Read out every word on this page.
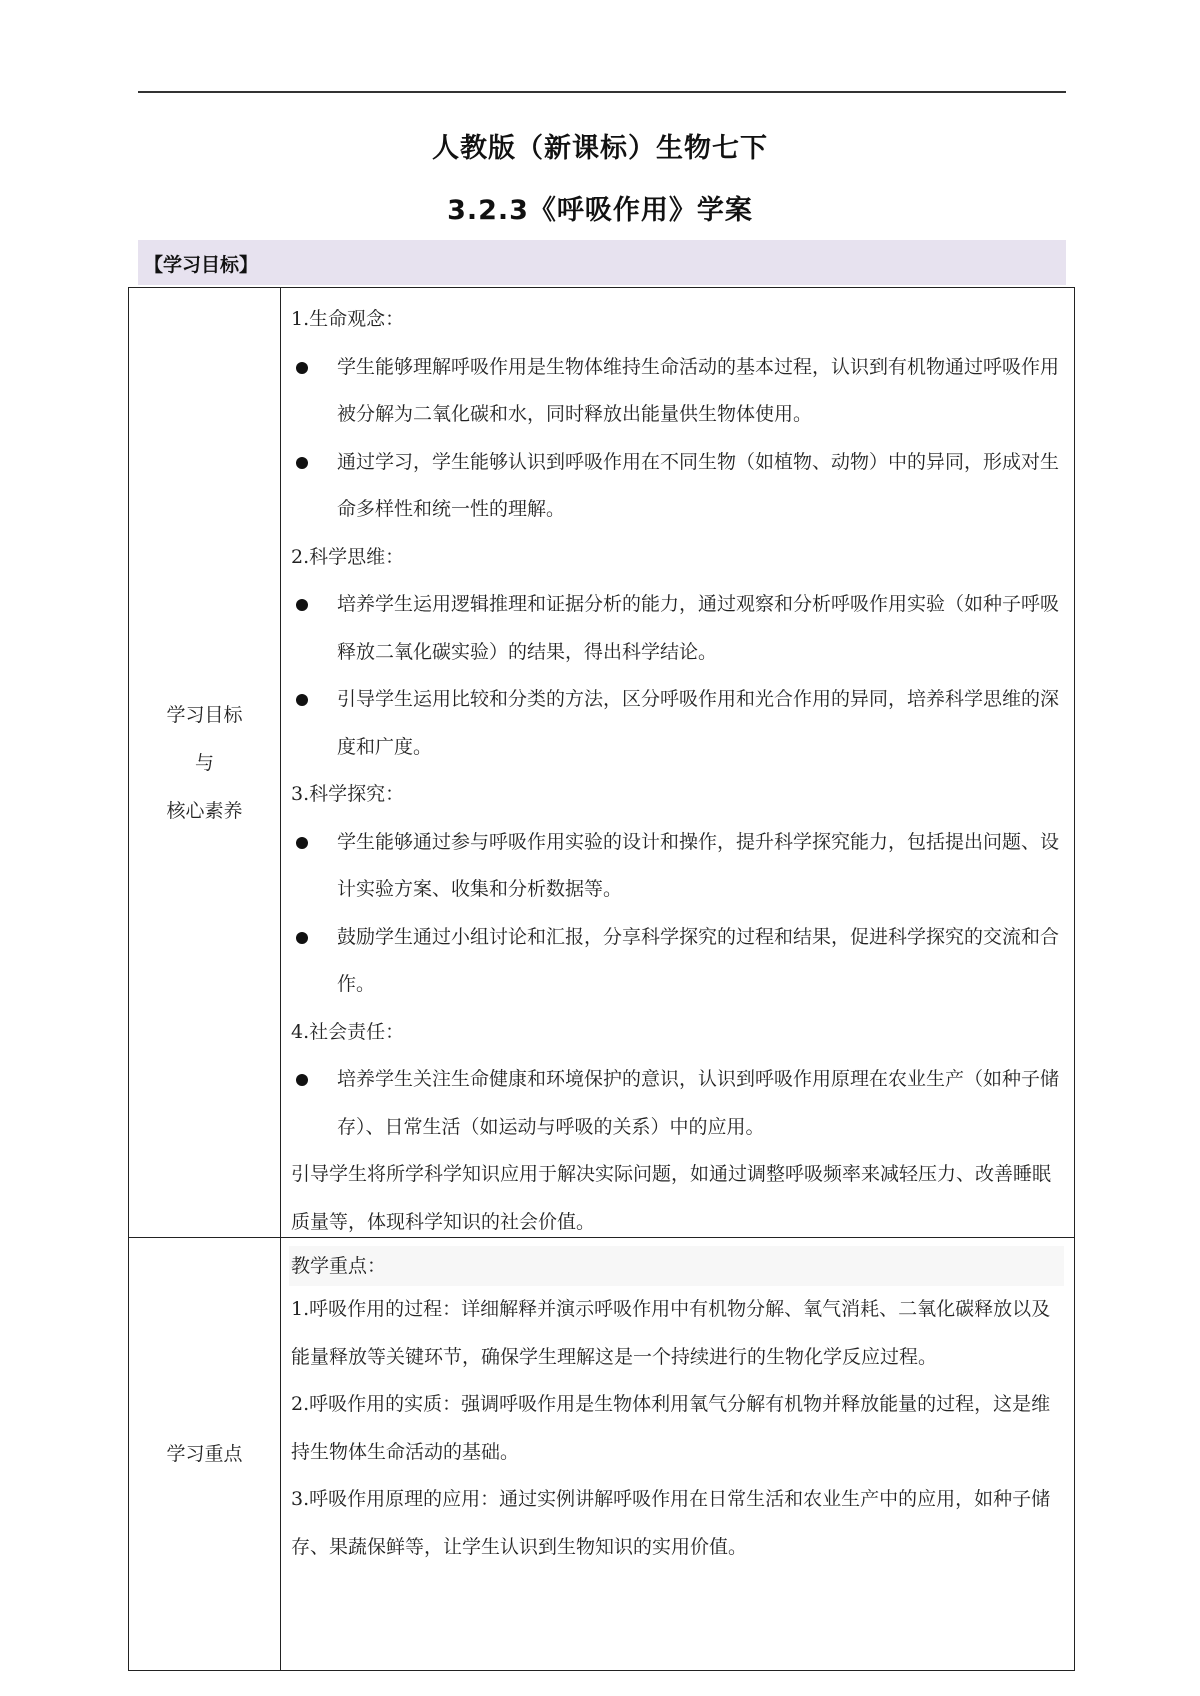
人教版（新课标）生物七下
3.2.3《呼吸作用》学案
【学习目标】
学习目标
与
核心素养
1.生命观念：
学生能够理解呼吸作用是生物体维持生命活动的基本过程，认识到有机物通过呼吸作用被分解为二氧化碳和水，同时释放出能量供生物体使用。
通过学习，学生能够认识到呼吸作用在不同生物（如植物、动物）中的异同，形成对生命多样性和统一性的理解。
2.科学思维：
培养学生运用逻辑推理和证据分析的能力，通过观察和分析呼吸作用实验（如种子呼吸释放二氧化碳实验）的结果，得出科学结论。
引导学生运用比较和分类的方法，区分呼吸作用和光合作用的异同，培养科学思维的深度和广度。
3.科学探究：
学生能够通过参与呼吸作用实验的设计和操作，提升科学探究能力，包括提出问题、设计实验方案、收集和分析数据等。
鼓励学生通过小组讨论和汇报，分享科学探究的过程和结果，促进科学探究的交流和合作。
4.社会责任：
培养学生关注生命健康和环境保护的意识，认识到呼吸作用原理在农业生产（如种子储存）、日常生活（如运动与呼吸的关系）中的应用。
引导学生将所学科学知识应用于解决实际问题，如通过调整呼吸频率来减轻压力、改善睡眠质量等，体现科学知识的社会价值。
学习重点
教学重点：
1.呼吸作用的过程：详细解释并演示呼吸作用中有机物分解、氧气消耗、二氧化碳释放以及能量释放等关键环节，确保学生理解这是一个持续进行的生物化学反应过程。
2.呼吸作用的实质：强调呼吸作用是生物体利用氧气分解有机物并释放能量的过程，这是维持生物体生命活动的基础。
3.呼吸作用原理的应用：通过实例讲解呼吸作用在日常生活和农业生产中的应用，如种子储存、果蔬保鲜等，让学生认识到生物知识的实用价值。
